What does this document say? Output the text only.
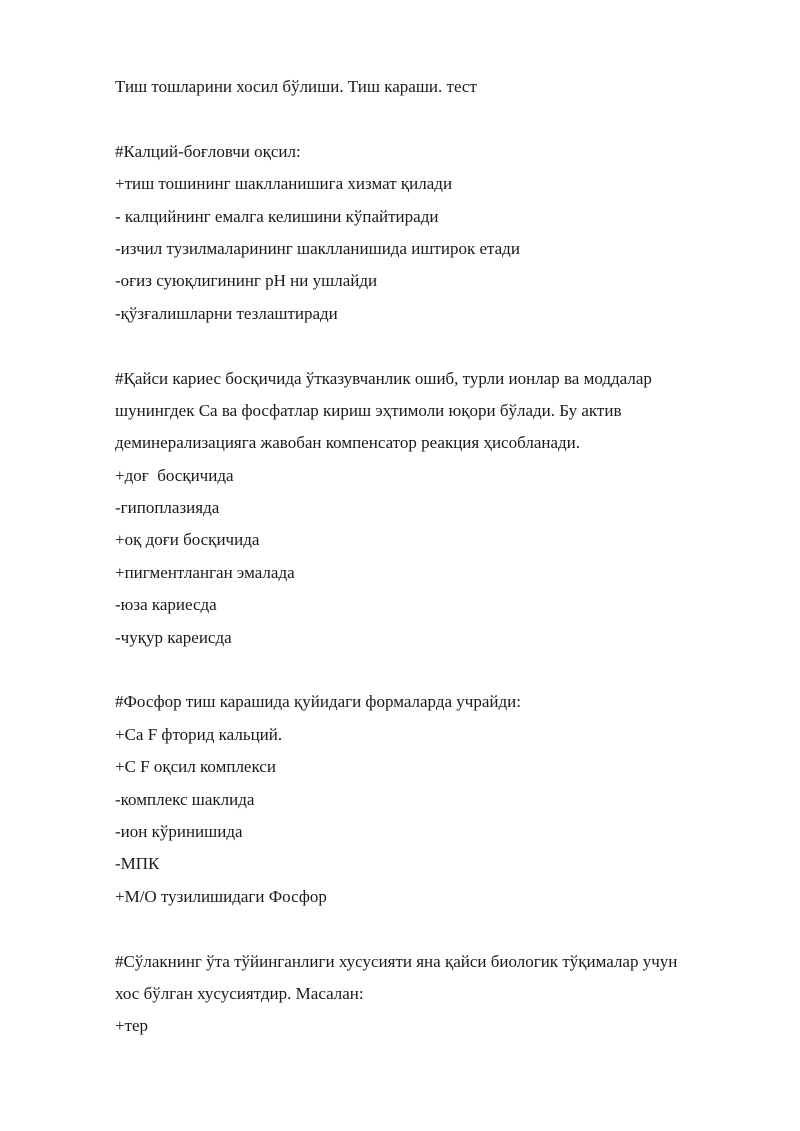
Тиш тошларини хосил бўлиши. Тиш караши. тест
#Калций-боғловчи оқсил:
+тиш тошининг шаклланишига хизмат қилади
- калцийнинг емалга келишини кўпайтиради
-изчил тузилмаларининг шаклланишида иштирок етади
-оғиз суюқлигининг pH ни ушлайди
-қўзғалишларни тезлаштиради
#Қайси кариес босқичида ўтказувчанлик ошиб, турли ионлар ва моддалар
шунингдек Са ва фосфатлар кириш эҳтимоли юқори бўлади. Бу актив
деминерализацияга жавобан компенсатор реакция ҳисобланади.
+доғ  босқичида
-гипоплазияда
+оқ доғи босқичида
+пигментланган эмалада
-юза кариесда
-чуқур кареисда
#Фосфор тиш карашида қуйидаги формаларда учрайди:
+Са F фторид кальций.
+С F оқсил комплекси
-комплекс шаклида
-ион кўринишида
-МПК
+М/О тузилишидаги Фосфор
#Сўлакнинг ўта тўйинганлиги хусусияти яна қайси биологик тўқималар учун
хос бўлган хусусиятдир. Масалан:
+тер
